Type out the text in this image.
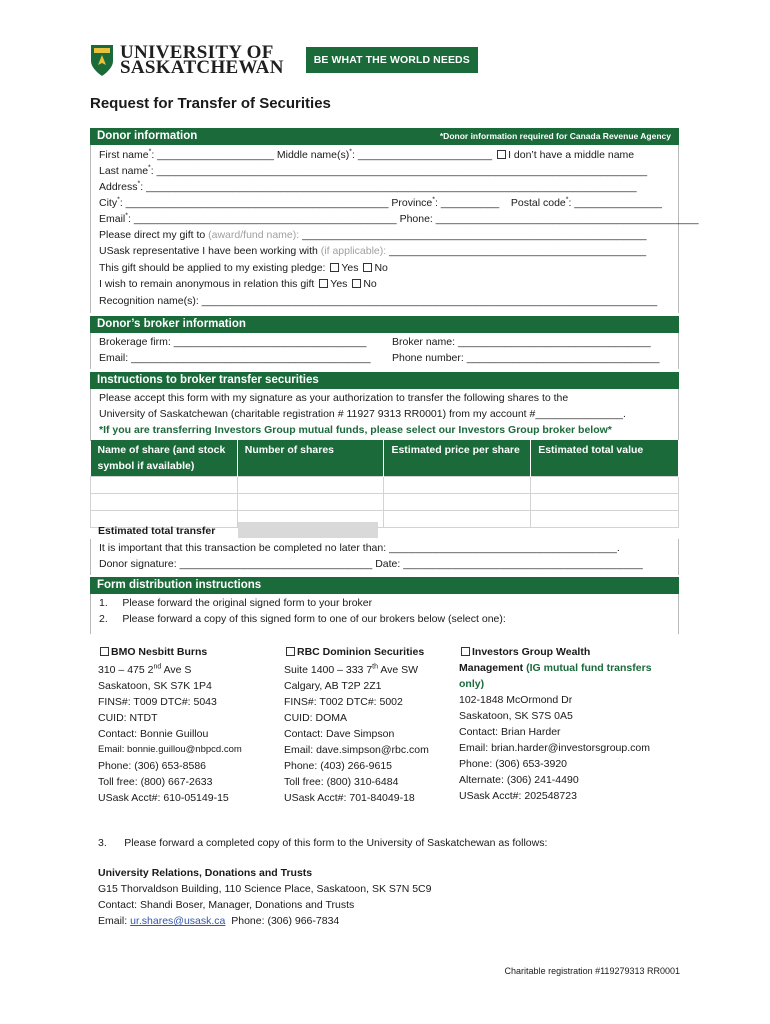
UNIVERSITY OF
SASKATCHEWAN	BE WHAT THE WORLD NEEDS
Request for Transfer of Securities
Donor information	*Donor information required for Canada Revenue Agency
First name*: ____________________ Middle name(s)*: _______________________ I don’t have a middle name
Last name*: ____________________________________________________________________________________
Address*: ____________________________________________________________________________________
City*: _____________________________________________ Province*: __________ Postal code*: _______________
Email*: _____________________________________________ Phone: _____________________________________________
Please direct my gift to (award/fund name): ___________________________________________________________
USask representative I have been working with (if applicable): ____________________________________________
This gift should be applied to my existing pledge: Yes No
I wish to remain anonymous in relation this gift Yes No
Recognition name(s): ______________________________________________________________________________
Donor’s broker information
Brokerage firm: _________________________________ Broker name: _________________________________
Email: _________________________________________ Phone number: _________________________________
Instructions to broker transfer securities
Please accept this form with my signature as your authorization to transfer the following shares to the
University of Saskatchewan (charitable registration # 11927 9313 RR0001) from my account #_______________.
*If you are transferring Investors Group mutual funds, please select our Investors Group broker below*
Name of share (and stock symbol if available)	Number of shares	Estimated price per share	Estimated total value

Estimated total transfer
It is important that this transaction be completed no later than: _______________________________________.
Donor signature: _________________________________ Date: _________________________________________
Form distribution instructions
1.     Please forward the original signed form to your broker
2.     Please forward a copy of this signed form to one of our brokers below (select one):
BMO Nesbitt Burns
310 – 475 2nd Ave S
Saskatoon, SK S7K 1P4
FINS#: T009 DTC#: 5043
CUID: NTDT
Contact: Bonnie Guillou
Email: bonnie.guillou@nbpcd.com
Phone: (306) 653-8586
Toll free: (800) 667-2633
USask Acct#: 610-05149-15
RBC Dominion Securities
Suite 1400 – 333 7th Ave SW
Calgary, AB T2P 2Z1
FINS#: T002 DTC#: 5002
CUID: DOMA
Contact: Dave Simpson
Email: dave.simpson@rbc.com
Phone: (403) 266-9615
Toll free: (800) 310-6484
USask Acct#: 701-84049-18
Investors Group Wealth
Management (IG mutual fund transfers
only)
102-1848 McOrmond Dr
Saskatoon, SK S7S 0A5
Contact: Brian Harder
Email: brian.harder@investorsgroup.com
Phone: (306) 653-3920
Alternate: (306) 241-4490
USask Acct#: 202548723
3.      Please forward a completed copy of this form to the University of Saskatchewan as follows:
University Relations, Donations and Trusts
G15 Thorvaldson Building, 110 Science Place, Saskatoon, SK S7N 5C9
Contact: Shandi Boser, Manager, Donations and Trusts
Email: ur.shares@usask.ca Phone: (306) 966-7834
Charitable registration #119279313 RR0001
